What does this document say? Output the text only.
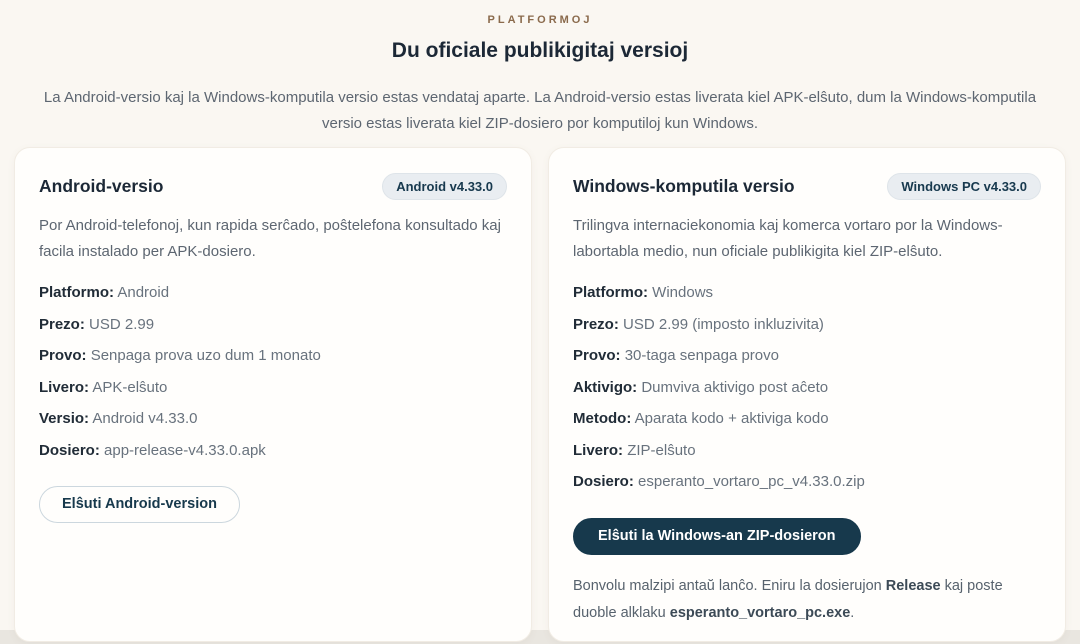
PLATFORMOJ
Du oficiale publikigitaj versioj

La Android-versio kaj la Windows-komputila versio estas vendataj aparte. La Android-versio estas liverata kiel APK-elŝuto, dum la Windows-komputila versio estas liverata kiel ZIP-dosiero por komputiloj kun Windows.

Android-versio	Android v4.33.0

Por Android-telefonoj, kun rapida serĉado, poŝtelefona konsultado kaj facila instalado per APK-dosiero.

Platformo: Android

Prezo: USD 2.99

Provo: Senpaga prova uzo dum 1 monato

Livero: APK-elŝuto

Versio: Android v4.33.0

Dosiero: app-release-v4.33.0.apk

Elŝuti Android-version
Windows-komputila versio	Windows PC v4.33.0

Trilingva internaciekonomia kaj komerca vortaro por la Windows-labortabla medio, nun oficiale publikigita kiel ZIP-elŝuto.

Platformo: Windows

Prezo: USD 2.99 (imposto inkluzivita)

Provo: 30-taga senpaga provo

Aktivigo: Dumviva aktivigo post aĉeto

Metodo: Aparata kodo + aktiviga kodo

Livero: ZIP-elŝuto

Dosiero: esperanto_vortaro_pc_v4.33.0.zip

Elŝuti la Windows-an ZIP-dosieron

Bonvolu malzipi antaŭ lanĉo. Eniru la dosierujon Release kaj poste duoble alklaku esperanto_vortaro_pc.exe.
